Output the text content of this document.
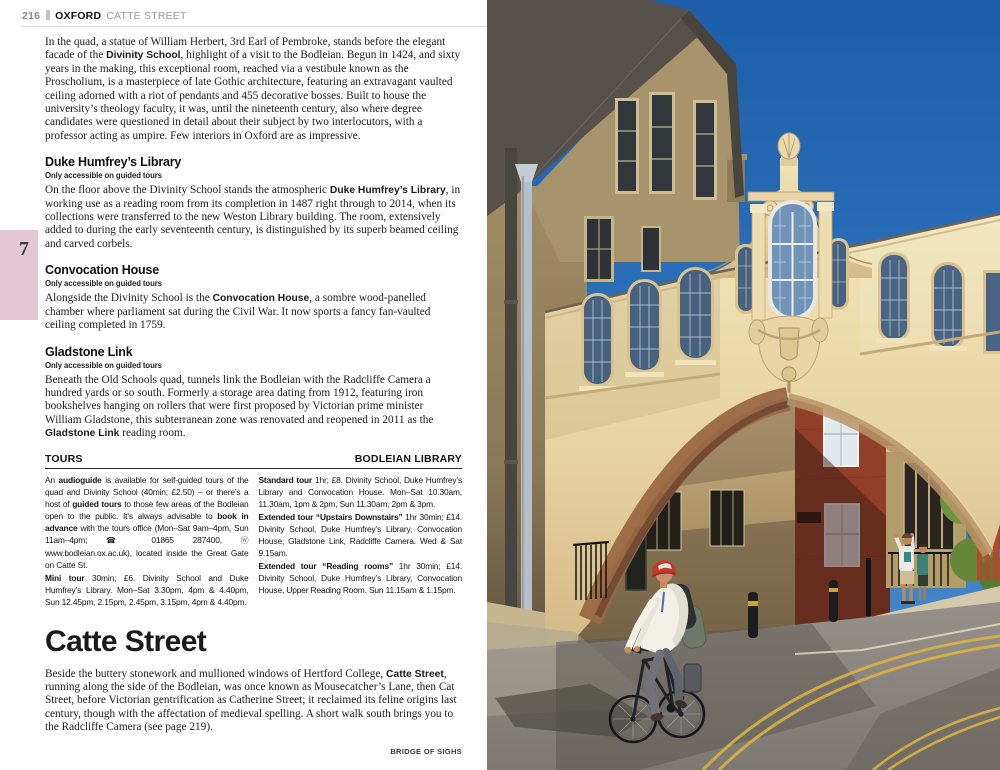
216 OXFORD CATTE STREET
7

In the quad, a statue of William Herbert, 3rd Earl of Pembroke, stands before the elegant facade of the Divinity School, highlight of a visit to the Bodleian. Begun in 1424, and sixty years in the making, this exceptional room, reached via a vestibule known as the Proscholium, is a masterpiece of late Gothic architecture, featuring an extravagant vaulted ceiling adorned with a riot of pendants and 455 decorative bosses. Built to house the university’s theology faculty, it was, until the nineteenth century, also where degree candidates were questioned in detail about their subject by two interlocutors, with a professor acting as umpire. Few interiors in Oxford are as impressive.

Duke Humfrey’s Library

Only accessible on guided tours

On the floor above the Divinity School stands the atmospheric Duke Humfrey’s Library, in working use as a reading room from its completion in 1487 right through to 2014, when its collections were transferred to the new Weston Library building. The room, extensively added to during the early seventeenth century, is distinguished by its superb beamed ceiling and carved corbels.

Convocation House

Only accessible on guided tours

Alongside the Divinity School is the Convocation House, a sombre wood-panelled chamber where parliament sat during the Civil War. It now sports a fancy fan-vaulted ceiling completed in 1759.

Gladstone Link

Only accessible on guided tours

Beneath the Old Schools quad, tunnels link the Bodleian with the Radcliffe Camera a hundred yards or so south. Formerly a storage area dating from 1912, featuring iron bookshelves hanging on rollers that were first proposed by Victorian prime minister William Gladstone, this subterranean zone was renovated and reopened in 2011 as the Gladstone Link reading room.

TOURS	BODLEIAN LIBRARY

An audioguide is available for self-guided tours of the quad and Divinity School (40min; £2.50) – or there’s a host of guided tours to those few areas of the Bodleian open to the public. It’s always advisable to book in advance with the tours office (Mon–Sat 9am–4pm, Sun 11am–4pm; ☎ 01865 287400, ⓦ www.bodleian.ox.ac.uk), located inside the Great Gate on Catte St.

Mini tour 30min; £6. Divinity School and Duke Humfrey’s Library. Mon–Sat 3.30pm, 4pm & 4.40pm, Sun 12.45pm, 2.15pm, 2.45pm, 3.15pm, 4pm & 4.40pm.

Standard tour 1hr; £8. Divinity School, Duke Humfrey’s Library and Convocation House. Mon–Sat 10.30am, 11.30am, 1pm & 2pm, Sun 11.30am, 2pm & 3pm.

Extended tour “Upstairs Downstairs” 1hr 30min; £14. Divinity School, Duke Humfrey’s Library, Convocation House, Gladstone Link, Radcliffe Camera. Wed & Sat 9.15am.

Extended tour “Reading rooms” 1hr 30min; £14. Divinity School, Duke Humfrey’s Library, Convocation House, Upper Reading Room. Sun 11.15am & 1.15pm.

Catte Street

Beside the buttery stonework and mullioned windows of Hertford College, Catte Street, running along the side of the Bodleian, was once known as Mousecatcher’s Lane, then Cat Street, before Victorian gentrification as Catherine Street; it reclaimed its feline origins last century, though with the affectation of medieval spelling. A short walk south brings you to the Radcliffe Camera (see page 219).

BRIDGE OF SIGHS
